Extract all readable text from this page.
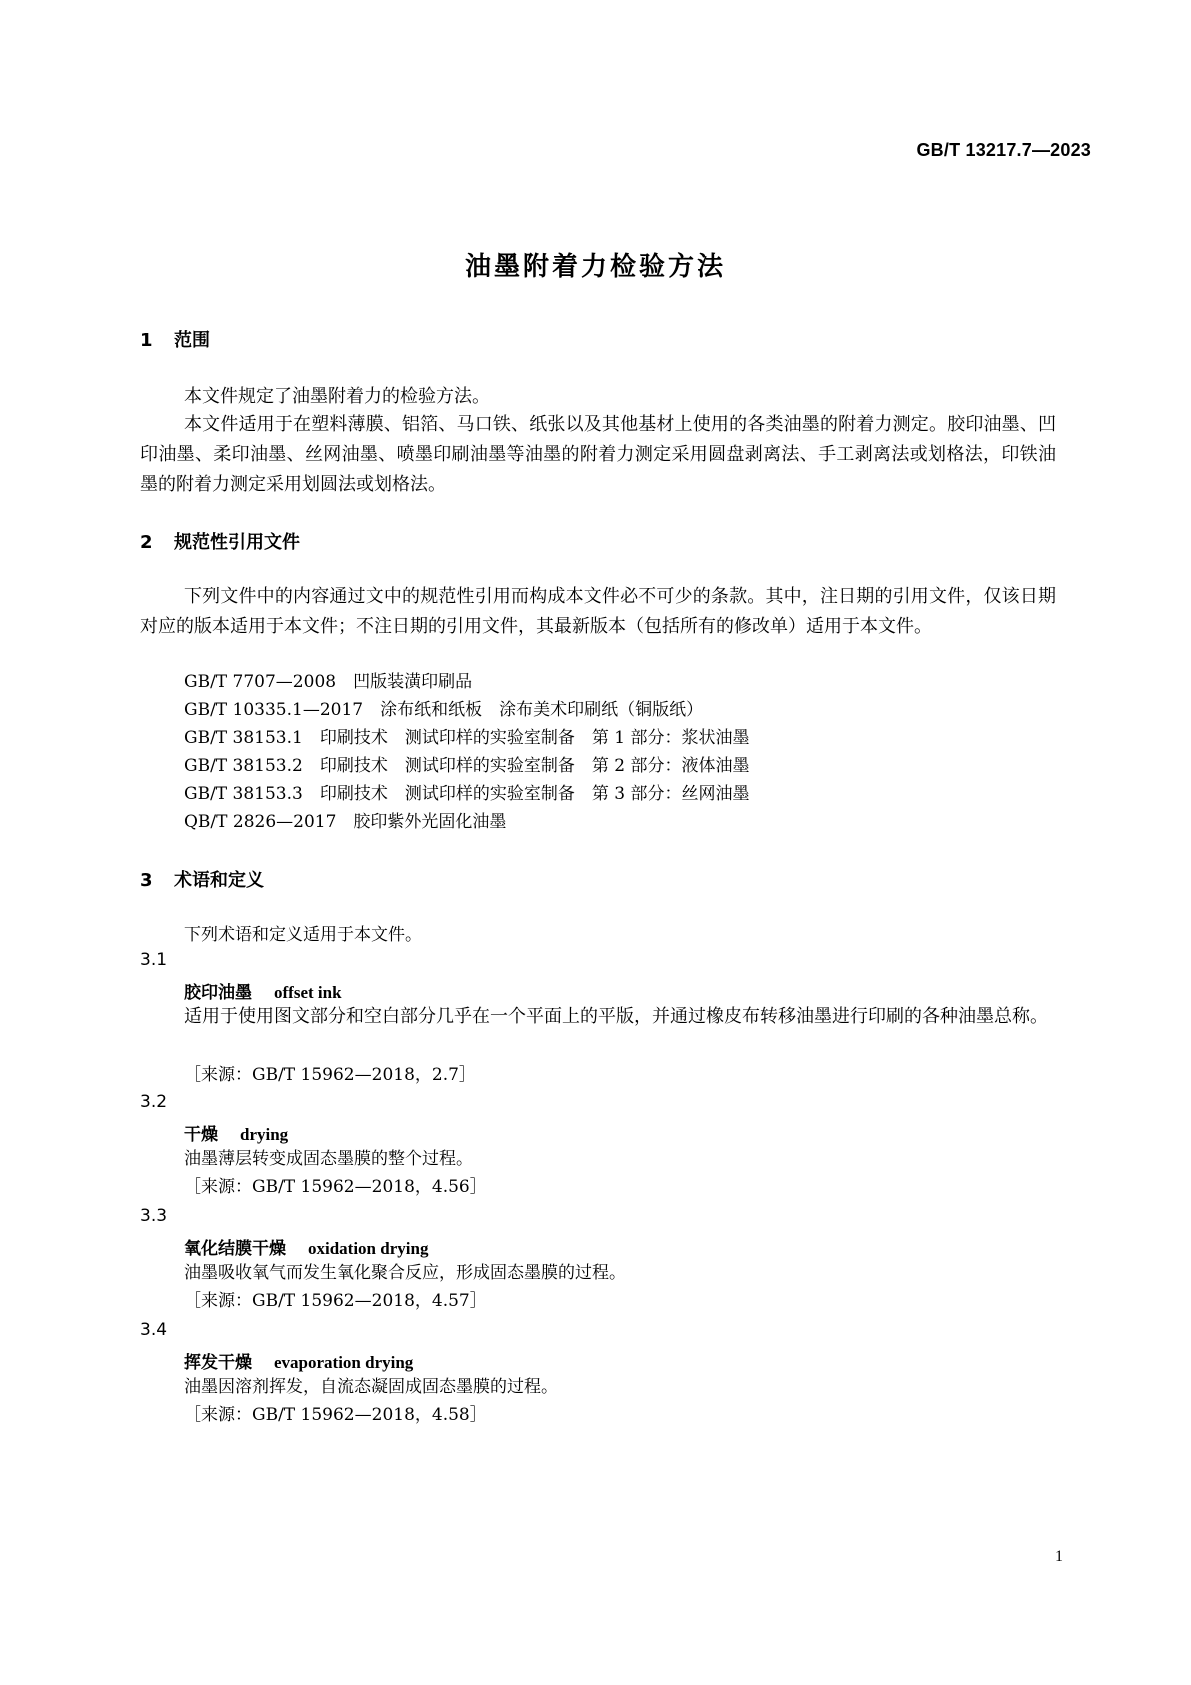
GB/T 13217.7—2023
油墨附着力检验方法
1 范围

本文件规定了油墨附着力的检验方法。

本文件适用于在塑料薄膜、铝箔、马口铁、纸张以及其他基材上使用的各类油墨的附着力测定。胶印油墨、凹印油墨、柔印油墨、丝网油墨、喷墨印刷油墨等油墨的附着力测定采用圆盘剥离法、手工剥离法或划格法，印铁油墨的附着力测定采用划圆法或划格法。

2 规范性引用文件

下列文件中的内容通过文中的规范性引用而构成本文件必不可少的条款。其中，注日期的引用文件，仅该日期对应的版本适用于本文件；不注日期的引用文件，其最新版本（包括所有的修改单）适用于本文件。

GB/T 7707—2008　凹版装潢印刷品

GB/T 10335.1—2017　涂布纸和纸板　涂布美术印刷纸（铜版纸）

GB/T 38153.1　印刷技术　测试印样的实验室制备　第 1 部分：浆状油墨

GB/T 38153.2　印刷技术　测试印样的实验室制备　第 2 部分：液体油墨

GB/T 38153.3　印刷技术　测试印样的实验室制备　第 3 部分：丝网油墨

QB/T 2826—2017　胶印紫外光固化油墨

3 术语和定义

下列术语和定义适用于本文件。

3.1
胶印油墨 offset ink

适用于使用图文部分和空白部分几乎在一个平面上的平版，并通过橡皮布转移油墨进行印刷的各种油墨总称。

［来源：GB/T 15962—2018，2.7］

3.2
干燥 drying

油墨薄层转变成固态墨膜的整个过程。

［来源：GB/T 15962—2018，4.56］

3.3
氧化结膜干燥 oxidation drying

油墨吸收氧气而发生氧化聚合反应，形成固态墨膜的过程。

［来源：GB/T 15962—2018，4.57］

3.4
挥发干燥 evaporation drying

油墨因溶剂挥发，自流态凝固成固态墨膜的过程。

［来源：GB/T 15962—2018，4.58］

1
